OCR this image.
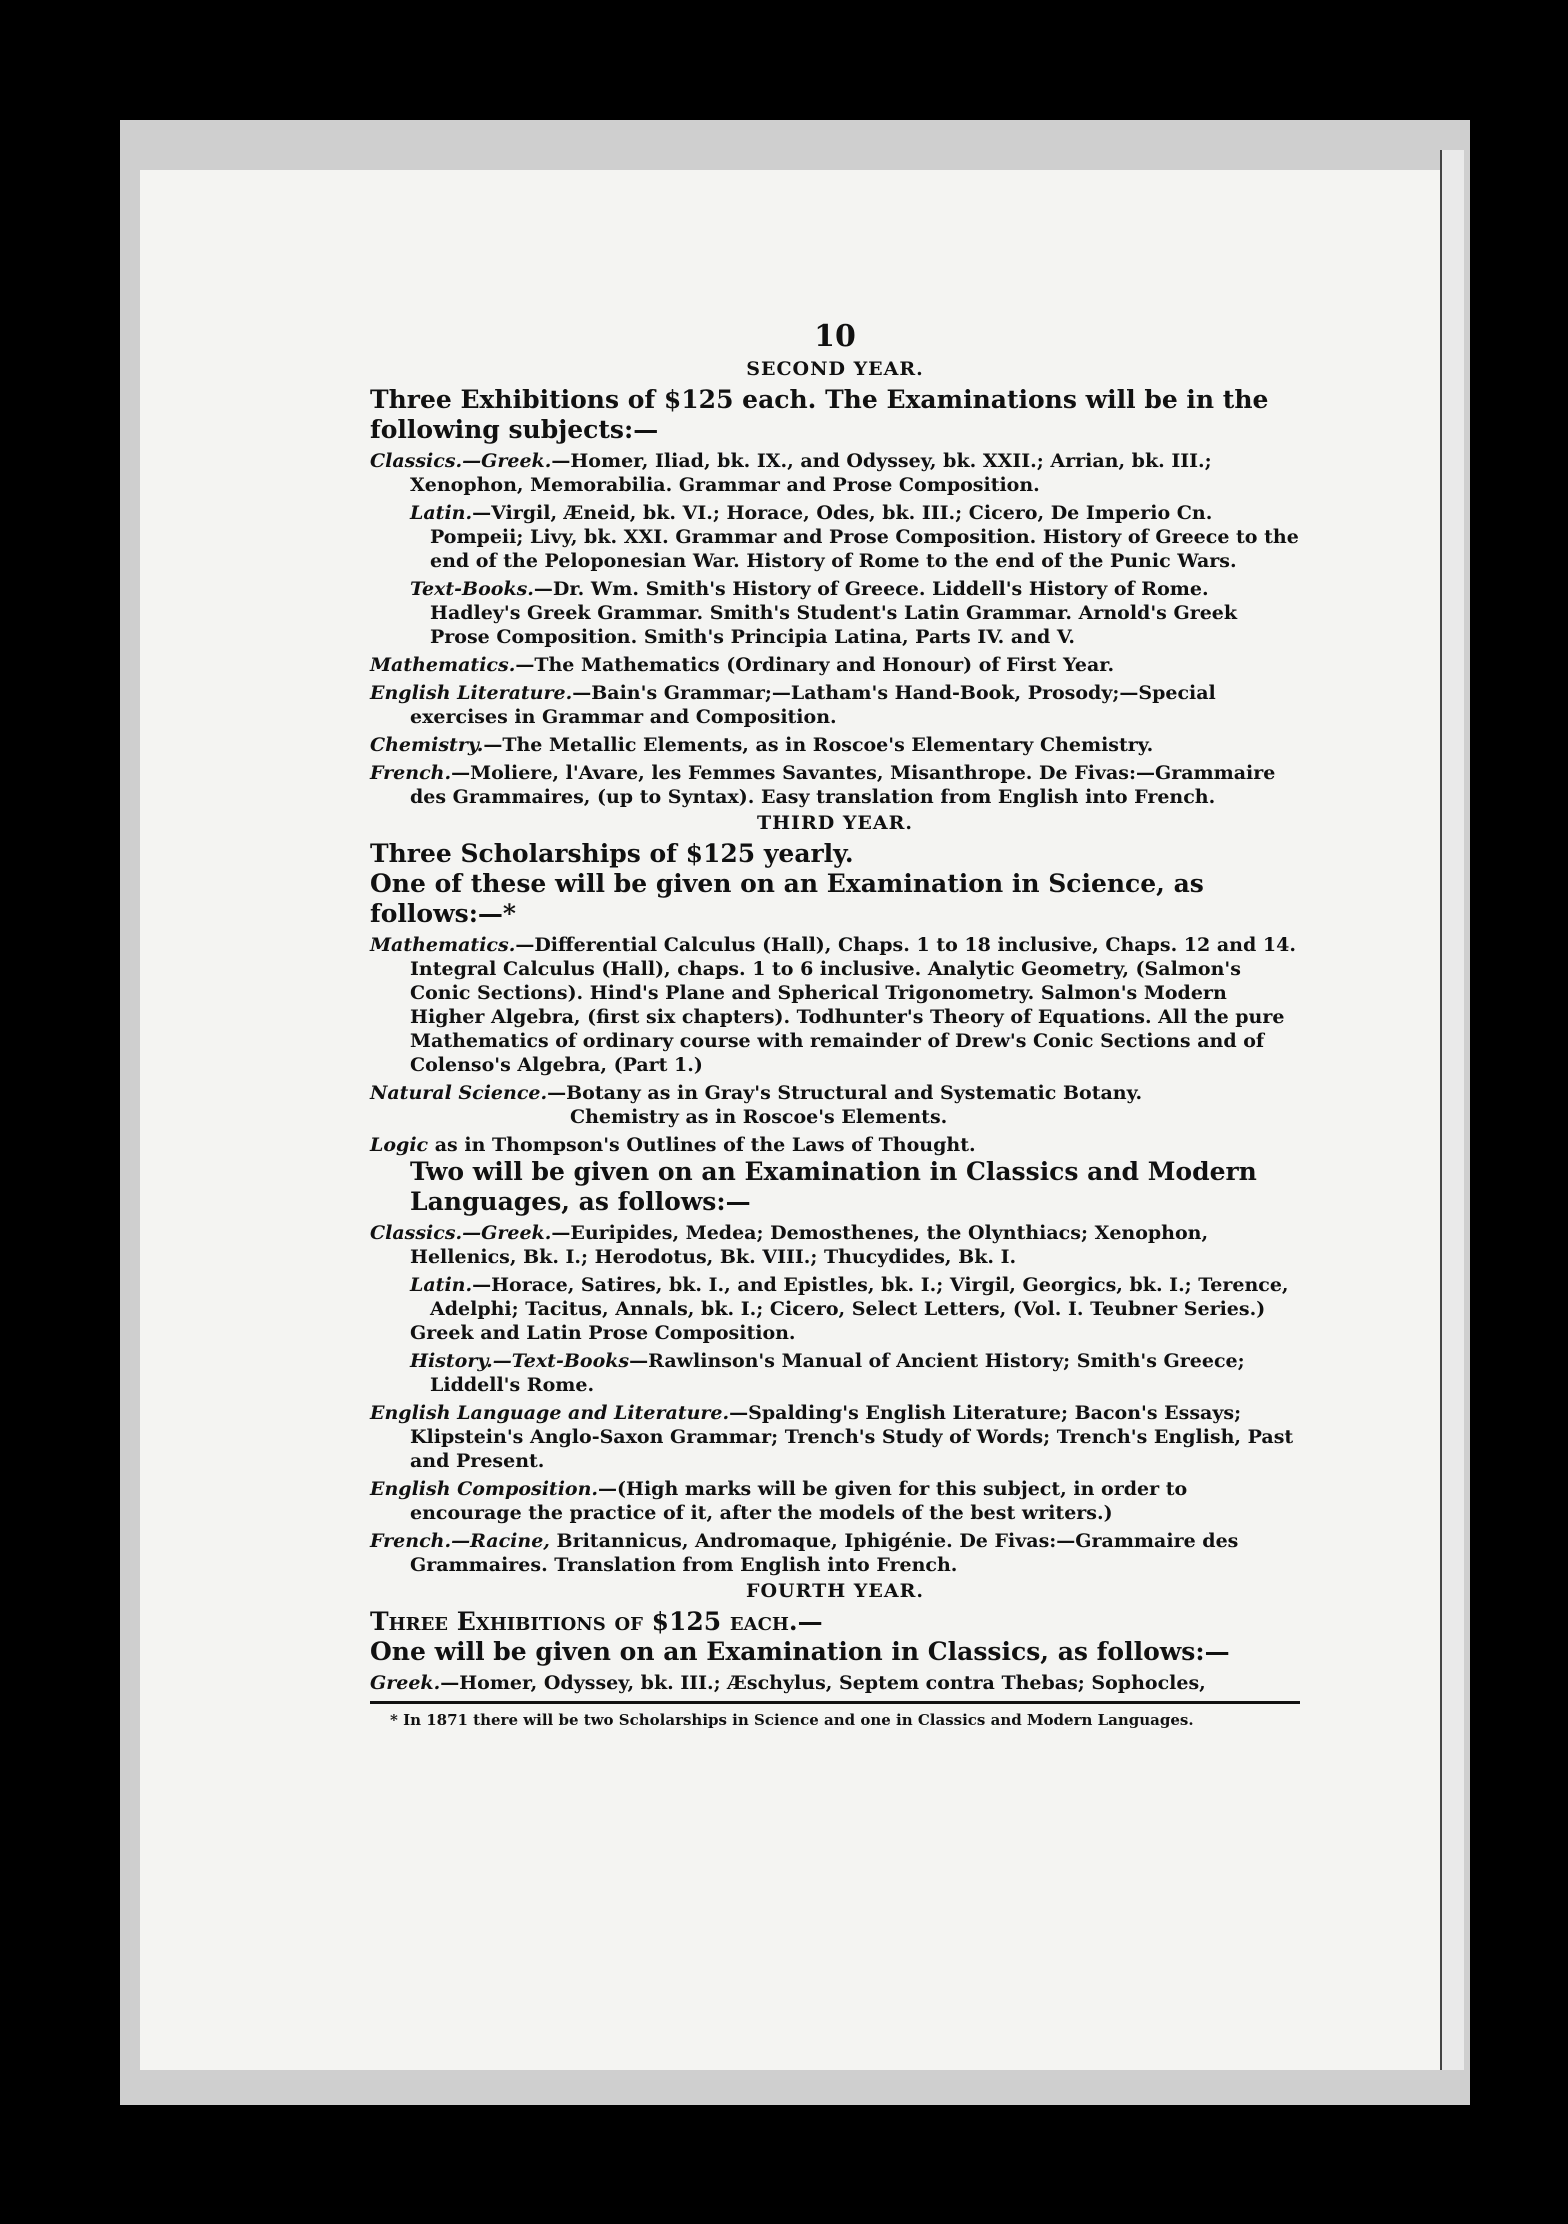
10
SECOND YEAR.
Three Exhibitions of $125 each. The Examinations will be in the following subjects:—
Classics.—Greek.—Homer, Iliad, bk. IX., and Odyssey, bk. XXII.; Arrian, bk. III.; Xenophon, Memorabilia. Grammar and Prose Composition.
Latin.—Virgil, Æneid, bk. VI.; Horace, Odes, bk. III.; Cicero, De Imperio Cn. Pompeii; Livy, bk. XXI. Grammar and Prose Composition. History of Greece to the end of the Peloponesian War. History of Rome to the end of the Punic Wars.
Text-Books.—Dr. Wm. Smith's History of Greece. Liddell's History of Rome. Hadley's Greek Grammar. Smith's Student's Latin Grammar. Arnold's Greek Prose Composition. Smith's Principia Latina, Parts IV. and V.
Mathematics.—The Mathematics (Ordinary and Honour) of First Year.
English Literature.—Bain's Grammar;—Latham's Hand-Book, Prosody;—Special exercises in Grammar and Composition.
Chemistry.—The Metallic Elements, as in Roscoe's Elementary Chemistry.
French.—Moliere, l'Avare, les Femmes Savantes, Misanthrope. De Fivas:—Grammaire des Grammaires, (up to Syntax). Easy translation from English into French.
THIRD YEAR.
Three Scholarships of $125 yearly.
One of these will be given on an Examination in Science, as follows:—*
Mathematics.—Differential Calculus (Hall), Chaps. 1 to 18 inclusive, Chaps. 12 and 14. Integral Calculus (Hall), chaps. 1 to 6 inclusive. Analytic Geometry, (Salmon's Conic Sections). Hind's Plane and Spherical Trigonometry. Salmon's Modern Higher Algebra, (first six chapters). Todhunter's Theory of Equations. All the pure Mathematics of ordinary course with remainder of Drew's Conic Sections and of Colenso's Algebra, (Part 1.)
Natural Science.—Botany as in Gray's Structural and Systematic Botany.
Chemistry as in Roscoe's Elements.
Logic as in Thompson's Outlines of the Laws of Thought.
Two will be given on an Examination in Classics and Modern Languages, as follows:—
Classics.—Greek.—Euripides, Medea; Demosthenes, the Olynthiacs; Xenophon, Hellenics, Bk. I.; Herodotus, Bk. VIII.; Thucydides, Bk. I.
Latin.—Horace, Satires, bk. I., and Epistles, bk. I.; Virgil, Georgics, bk. I.; Terence, Adelphi; Tacitus, Annals, bk. I.; Cicero, Select Letters, (Vol. I. Teubner Series.)
Greek and Latin Prose Composition.
History.—Text-Books—Rawlinson's Manual of Ancient History; Smith's Greece; Liddell's Rome.
English Language and Literature.—Spalding's English Literature; Bacon's Essays; Klipstein's Anglo-Saxon Grammar; Trench's Study of Words; Trench's English, Past and Present.
English Composition.—(High marks will be given for this subject, in order to encourage the practice of it, after the models of the best writers.)
French.—Racine, Britannicus, Andromaque, Iphigénie. De Fivas:—Grammaire des Grammaires. Translation from English into French.
FOURTH YEAR.
Three Exhibitions of $125 each.—
One will be given on an Examination in Classics, as follows:—
Greek.—Homer, Odyssey, bk. III.; Æschylus, Septem contra Thebas; Sophocles,
* In 1871 there will be two Scholarships in Science and one in Classics and Modern Languages.
